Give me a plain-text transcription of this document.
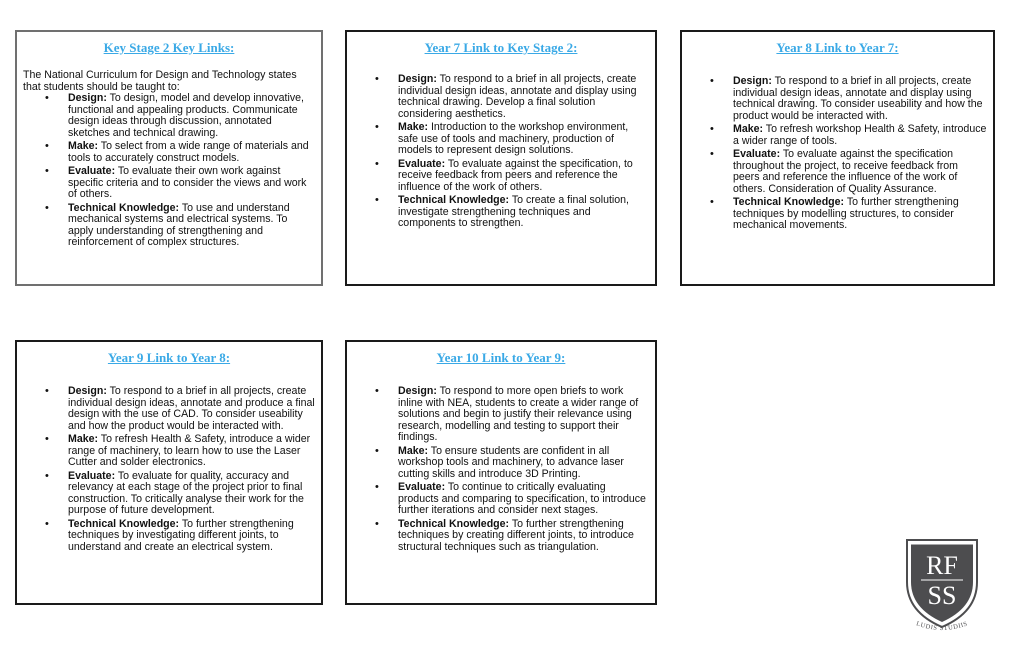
Key Stage 2 Key Links:

The National Curriculum for Design and Technology states that students should be taught to:

• Design: To design, model and develop innovative, functional and appealing products. Communicate design ideas through discussion, annotated sketches and technical drawing.
• Make: To select from a wide range of materials and tools to accurately construct models.
• Evaluate: To evaluate their own work against specific criteria and to consider the views and work of others.
• Technical Knowledge: To use and understand mechanical systems and electrical systems. To apply understanding of strengthening and reinforcement of complex structures.
Year 7 Link to Key Stage 2:
• Design: To respond to a brief in all projects, create individual design ideas, annotate and display using technical drawing. Develop a final solution considering aesthetics.
• Make: Introduction to the workshop environment, safe use of tools and machinery, production of models to represent design solutions.
• Evaluate: To evaluate against the specification, to receive feedback from peers and reference the influence of the work of others.
• Technical Knowledge: To create a final solution, investigate strengthening techniques and components to strengthen.
Year 8 Link to Year 7:
• Design: To respond to a brief in all projects, create individual design ideas, annotate and display using technical drawing. To consider useability and how the product would be interacted with.
• Make: To refresh workshop Health & Safety, introduce a wider range of tools.
• Evaluate: To evaluate against the specification throughout the project, to receive feedback from peers and reference the influence of the work of others. Consideration of Quality Assurance.
• Technical Knowledge: To further strengthening techniques by modelling structures, to consider mechanical movements.
Year 9 Link to Year 8:
• Design: To respond to a brief in all projects, create individual design ideas, annotate and produce a final design with the use of CAD. To consider useability and how the product would be interacted with.
• Make: To refresh Health & Safety, introduce a wider range of machinery, to learn how to use the Laser Cutter and solder electronics.
• Evaluate: To evaluate for quality, accuracy and relevancy at each stage of the project prior to final construction. To critically analyse their work for the purpose of future development.
• Technical Knowledge: To further strengthening techniques by investigating different joints, to understand and create an electrical system.
Year 10 Link to Year 9:
• Design: To respond to more open briefs to work inline with NEA, students to create a wider range of solutions and begin to justify their relevance using research, modelling and testing to support their findings.
• Make: To ensure students are confident in all workshop tools and machinery, to advance laser cutting skills and introduce 3D Printing.
• Evaluate: To continue to critically evaluating products and comparing to specification, to introduce further iterations and consider next stages.
• Technical Knowledge: To further strengthening techniques by creating different joints, to introduce structural techniques such as triangulation.
RF
SS
LUDIS STUDIIS
